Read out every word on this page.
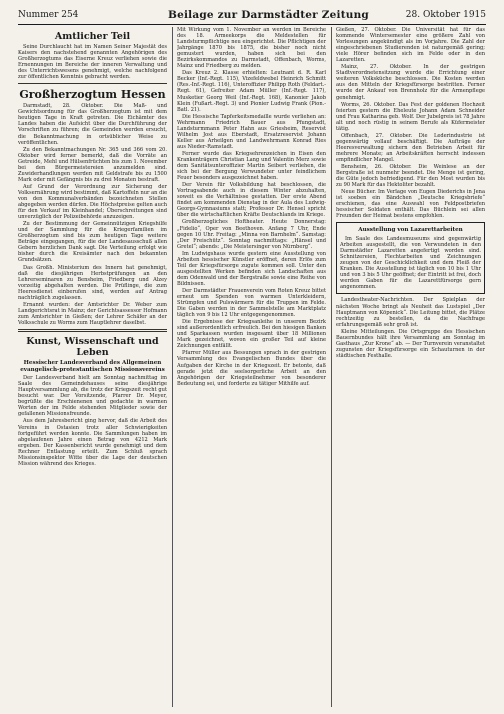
Nummer 254	Beilage zur Darmstädter Zeitung	28. Oktober 1915
Amtlicher Teil

Seine Durchlaucht hat im Namen Seiner Majestät des Kaisers den nachstehend genannten Angehörigen des Großherzogtums das Eiserne Kreuz verliehen sowie die Ernennungen im Bereiche der inneren Verwaltung und des Unterrichtswesens genehmigt, welche nachfolgend zur öffentlichen Kenntnis gebracht werden.

Großherzogtum Hessen

Darmstadt, 28. Oktober. Die Maß- und Gewichtsordnung für das Großherzogtum ist mit dem heutigen Tage in Kraft getreten. Die Eichämter des Landes haben die Aufsicht über die Durchführung der Vorschriften zu führen; die Gemeinden werden ersucht, die Bekanntmachung in ortsüblicher Weise zu veröffentlichen.

Zu den Bekanntmachungen Nr. 365 und 366 vom 20. Oktober wird ferner bemerkt, daß die Vorräte an Getreide, Mehl und Hülsenfrüchten bis zum 1. November bei den Bürgermeistereien anzumelden sind. Zuwiderhandlungen werden mit Geldstrafe bis zu 1500 Mark oder mit Gefängnis bis zu drei Monaten bestraft.

Auf Grund der Verordnung zur Sicherung der Volksernährung wird bestimmt, daß Kartoffeln nur an die von den Kommunalverbänden bezeichneten Stellen abgegeben werden dürfen. Die Höchstpreise gelten auch für den Verkauf im Kleinhandel; Überschreitungen sind unverzüglich der Polizeibehörde anzuzeigen.

Zu der Bestimmung der Gemeinnützigen Kriegshilfe und der Sammlung für die Kriegerfamilien im Großherzogtum sind bis zum heutigen Tage weitere Beträge eingegangen, für die der Landesausschuß allen Gebern herzlichen Dank sagt. Die Verteilung erfolgt wie bisher durch die Kreisämter nach den bekannten Grundsätzen.

Das Großh. Ministerium des Innern hat genehmigt, daß die diesjährigen Herbstprüfungen an den Lehrerseminaren zu Bensheim, Friedberg und Alzey vorzeitig abgehalten werden. Die Prüflinge, die zum Heeresdienst einberufen sind, werden auf Antrag nachträglich zugelassen.

Ernannt wurden: der Amtsrichter Dr. Weber zum Landgerichtsrat in Mainz; der Gerichtsassessor Hofmann zum Amtsrichter in Gießen; der Lehrer Schäfer an der Volksschule zu Worms zum Hauptlehrer daselbst.

Kunst, Wissenschaft und Leben
Hessischer Landesverband des Allgemeinen evangelisch-protestantischen Missionsvereins

Der Landesverband hielt am Sonntag nachmittag im Saale des Gemeindehauses seine diesjährige Hauptversammlung ab, die trotz der Kriegszeit recht gut besucht war. Der Vorsitzende, Pfarrer Dr. Meyer, begrüßte die Erschienenen und gedachte in warmen Worten der im Felde stehenden Mitglieder sowie der gefallenen Missionsfreunde.

Aus dem Jahresbericht ging hervor, daß die Arbeit des Vereins in Ostasien trotz aller Schwierigkeiten fortgeführt werden konnte. Die Sammlungen haben im abgelaufenen Jahre einen Betrag von 4212 Mark ergeben. Der Kassenbericht wurde genehmigt und dem Rechner Entlastung erteilt. Zum Schluß sprach Missionsinspektor Witte über die Lage der deutschen Mission während des Krieges.

Mit Wirkung vom 1. November an werden im Bereiche des 18. Armeekorps die Meldestellen für Landsturmpflichtige neu eingerichtet. Die Pflichtigen der Jahrgänge 1870 bis 1875, die bisher noch nicht gemustert wurden, haben sich bei den Bezirkskommandos zu Darmstadt, Offenbach, Worms, Mainz und Friedberg zu melden.

Das Kreuz 2. Klasse erhielten: Leutnant d. R. Karl Becker (Inf.-Regt. 115), Vizefeldwebel Heinrich Schmitt (Res.-Inf.-Regt. 116), Unteroffizier Philipp Roth (Feldart.-Regt. 61), Gefreiter Adam Müller (Inf.-Regt. 117), Musketier Georg Weil (Inf.-Regt. 168), Kanonier Jakob Klein (Fußart.-Regt. 3) und Pionier Ludwig Frank (Pion.-Batl. 21).

Die Hessische Tapferkeitsmedaille wurde verliehen an: Wehrmann Friedrich Bauer aus Pfungstadt, Landsturmmann Peter Hahn aus Griesheim, Reservist Wilhelm Jost aus Eberstadt, Ersatzreservist Johann Keller aus Arheilgen und Landwehrmann Konrad Ries aus Nieder-Ramstadt.

Ferner wurde das Kriegsehrenzeichen in Eisen den Krankenträgern Christian Lang und Valentin Merz sowie dem Sanitätsunteroffizier Martin Seibert verliehen, die sich bei der Bergung Verwundeter unter feindlichem Feuer besonders ausgezeichnet haben.

Der Verein für Volksbildung hat beschlossen, die Vortragsabende auch in diesem Winter abzuhalten, soweit es die Verhältnisse gestatten. Der erste Abend findet am kommenden Dienstag in der Aula des Ludwig-Georgs-Gymnasiums statt; Professor Dr. Hensel spricht über die wirtschaftlichen Kräfte Deutschlands im Kriege.

Großherzogliches Hoftheater. Heute Donnerstag: „Fidelio“, Oper von Beethoven. Anfang 7 Uhr, Ende gegen 10 Uhr. Freitag: „Minna von Barnhelm“. Samstag: „Der Freischütz“. Sonntag nachmittags: „Hänsel und Gretel“; abends: „Die Meistersinger von Nürnberg“.

Im Ludwigshaus wurde gestern eine Ausstellung von Arbeiten hessischer Künstler eröffnet, deren Erlös zum Teil der Kriegsfürsorge zugute kommen soll. Unter den ausgestellten Werken befinden sich Landschaften aus dem Odenwald und der Bergstraße sowie eine Reihe von Bildnissen.

Der Darmstädter Frauenverein vom Roten Kreuz bittet erneut um Spenden von warmen Unterkleidern, Strümpfen und Pulswärmern für die Truppen im Felde. Die Gaben werden in der Sammelstelle am Marktplatz täglich von 9 bis 12 Uhr entgegengenommen.

Die Ergebnisse der Kriegsanleihe in unserem Bezirk sind außerordentlich erfreulich. Bei den hiesigen Banken und Sparkassen wurden insgesamt über 18 Millionen Mark gezeichnet, wovon ein großer Teil auf kleine Zeichnungen entfällt.

Pfarrer Müller aus Bessungen sprach in der gestrigen Versammlung des Evangelischen Bundes über die Aufgaben der Kirche in der Kriegszeit. Er betonte, daß gerade jetzt die seelsorgerliche Arbeit an den Angehörigen der Kriegsteilnehmer von besonderer Bedeutung sei, und forderte zu tätiger Mithilfe auf.

Gießen, 27. Oktober. Die Universität hat für das kommende Wintersemester eine größere Zahl von Vorlesungen angekündigt als im Vorjahre. Die Zahl der eingeschriebenen Studierenden ist naturgemäß gering; viele Hörer befinden sich im Felde oder in den Lazaretten.

Mainz, 27. Oktober. In der gestrigen Stadtverordnetensitzung wurde die Errichtung einer weiteren Volksküche beschlossen. Die Kosten werden aus den Mitteln der Kriegsfürsorge bestritten. Ferner wurde der Ankauf von Brennholz für die Armenpflege genehmigt.

Worms, 26. Oktober. Das Fest der goldenen Hochzeit feierten gestern die Eheleute Johann Adam Schneider und Frau Katharina geb. Wolf. Der Jubelgreis ist 78 Jahre alt und noch rüstig in seinem Berufe als Küfermeister tätig.

Offenbach, 27. Oktober. Die Lederindustrie ist gegenwärtig vollauf beschäftigt. Die Aufträge der Heeresverwaltung sichern den Betrieben Arbeit für mehrere Monate; an Arbeitskräften herrscht indessen empfindlicher Mangel.

Bensheim, 26. Oktober. Die Weinlese an der Bergstraße ist nunmehr beendet. Die Menge ist gering, die Güte jedoch befriedigend. Für den Most wurden bis zu 90 Mark für das Hektoliter bezahlt.

Neue Bücher. Im Verlage von Eugen Diederichs in Jena ist soeben ein Bändchen „Deutsche Kriegsbriefe“ erschienen, das eine Auswahl von Feldpostbriefen hessischer Soldaten enthält. Das Büchlein sei allen Freunden der Heimat bestens empfohlen.

Ausstellung von Lazarettarbeiten

Im Saale des Landesmuseums sind gegenwärtig Arbeiten ausgestellt, die von Verwundeten in den Darmstädter Lazaretten angefertigt worden sind. Schnitzereien, Flechtarbeiten und Zeichnungen zeugen von der Geschicklichkeit und dem Fleiß der Kranken. Die Ausstellung ist täglich von 10 bis 1 Uhr und von 3 bis 5 Uhr geöffnet; der Eintritt ist frei, doch werden Gaben für die Lazarettfürsorge gern angenommen.

Landestheater-Nachrichten. Der Spielplan der nächsten Woche bringt als Neuheit das Lustspiel „Der Hauptmann von Köpenick“. Die Leitung bittet, die Plätze rechtzeitig zu bestellen, da die Nachfrage erfahrungsgemäß sehr groß ist.

Kleine Mitteilungen. Die Ortsgruppe des Hessischen Bauernbundes hält ihre Versammlung am Sonntag im Gasthaus „Zur Krone“ ab. — Der Turnverein veranstaltet zugunsten der Kriegsfürsorge ein Schauturnen in der städtischen Festhalle.
